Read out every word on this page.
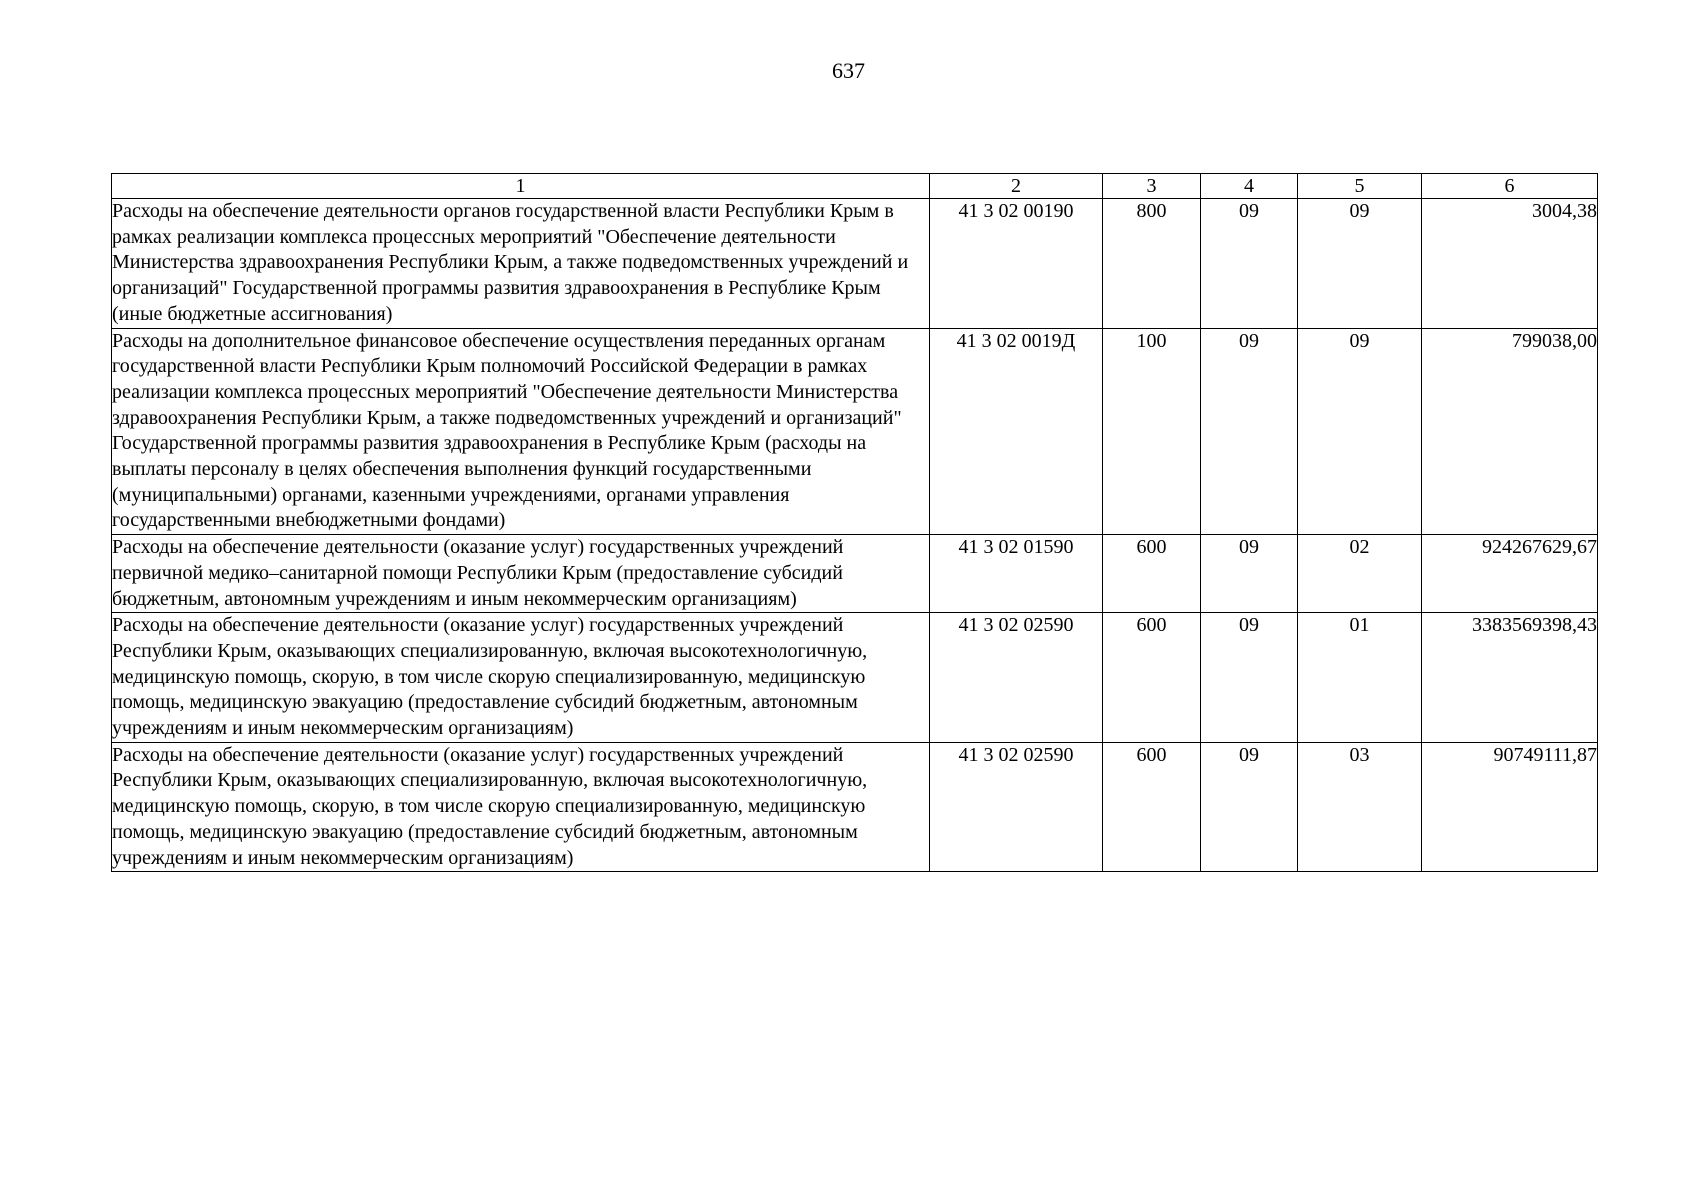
637
1	2	3	4	5	6
Расходы на обеспечение деятельности органов государственной власти Республики Крым в рамках реализации комплекса процессных мероприятий "Обеспечение деятельности Министерства здравоохранения Республики Крым, а также подведомственных учреждений и организаций" Государственной программы развития здравоохранения в Республике Крым (иные бюджетные ассигнования)	41 3 02 00190	800	09	09	3004,38
Расходы на дополнительное финансовое обеспечение осуществления переданных органам государственной власти Республики Крым полномочий Российской Федерации в рамках реализации комплекса процессных мероприятий "Обеспечение деятельности Министерства здравоохранения Республики Крым, а также подведомственных учреждений и организаций" Государственной программы развития здравоохранения в Республике Крым (расходы на выплаты персоналу в целях обеспечения выполнения функций государственными (муниципальными) органами, казенными учреждениями, органами управления государственными внебюджетными фондами)	41 3 02 0019Д	100	09	09	799038,00
Расходы на обеспечение деятельности (оказание услуг) государственных учреждений первичной медико–санитарной помощи Республики Крым (предоставление субсидий бюджетным, автономным учреждениям и иным некоммерческим организациям)	41 3 02 01590	600	09	02	924267629,67
Расходы на обеспечение деятельности (оказание услуг) государственных учреждений Республики Крым, оказывающих специализированную, включая высокотехнологичную, медицинскую помощь, скорую, в том числе скорую специализированную, медицинскую помощь, медицинскую эвакуацию (предоставление субсидий бюджетным, автономным учреждениям и иным некоммерческим организациям)	41 3 02 02590	600	09	01	3383569398,43
Расходы на обеспечение деятельности (оказание услуг) государственных учреждений Республики Крым, оказывающих специализированную, включая высокотехнологичную, медицинскую помощь, скорую, в том числе скорую специализированную, медицинскую помощь, медицинскую эвакуацию (предоставление субсидий бюджетным, автономным учреждениям и иным некоммерческим организациям)	41 3 02 02590	600	09	03	90749111,87
